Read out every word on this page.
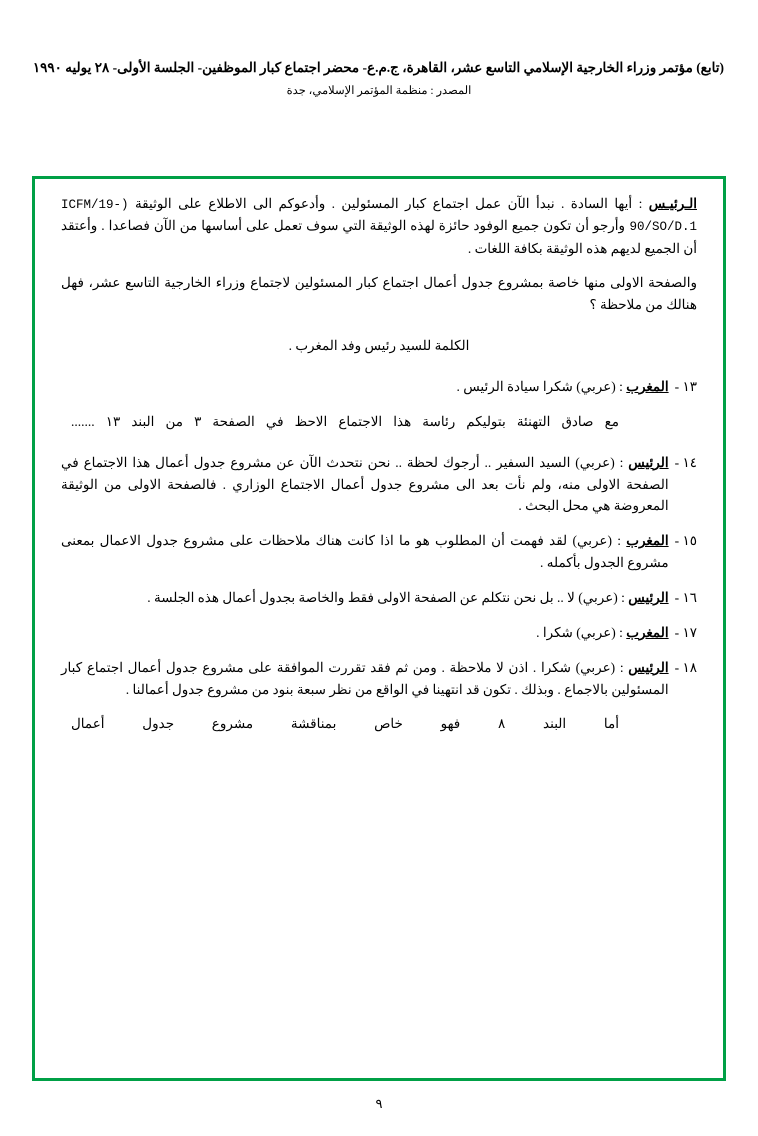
(تابع) مؤتمر وزراء الخارجية الإسلامي التاسع عشر، القاهرة، ج.م.ع- محضر اجتماع كبار الموظفين- الجلسة الأولى- ٢٨ يوليه ١٩٩٠
المصدر : منظمة المؤتمر الإسلامي، جدة

الـرئيـس : أيها السادة . نبدأ الآن عمل اجتماع كبار المسئولين . وأدعوكم الى الاطلاع على الوثيقة (ICFM/19-90/SO/D.1 وأرجو أن تكون جميع الوفود حائزة لهذه الوثيقة التي سوف تعمل على أساسها من الآن فصاعدا . وأعتقد أن الجميع لديهم هذه الوثيقة بكافة اللغات .

والصفحة الاولى منها خاصة بمشروع جدول أعمال اجتماع كبار المسئولين لاجتماع وزراء الخارجية التاسع عشر، فهل هنالك من ملاحظة ؟

الكلمة للسيد رئيس وفد المغرب .

١٣ -
المغرب : (عربي) شكرا سيادة الرئيس .

مع صادق التهنئة بتوليكم رئاسة هذا الاجتماع الاحظ في الصفحة ٣ من البند ١٣ .......

١٤ -
الرئيس : (عربي) السيد السفير .. أرجوك لحظة .. نحن نتحدث الآن عن مشروع جدول أعمال هذا الاجتماع في الصفحة الاولى منه، ولم نأت بعد الى مشروع جدول أعمال الاجتماع الوزاري . فالصفحة الاولى من الوثيقة المعروضة هي محل البحث .
١٥ -
المغرب : (عربي) لقد فهمت أن المطلوب هو ما اذا كانت هناك ملاحظات على مشروع جدول الاعمال بمعنى مشروع الجدول بأكمله .
١٦ -
الرئيس : (عربي) لا .. بل نحن نتكلم عن الصفحة الاولى فقط والخاصة بجدول أعمال هذه الجلسة .
١٧ -
المغرب : (عربي) شكرا .
١٨ -
الرئيس : (عربي) شكرا . اذن لا ملاحظة . ومن ثم فقد تقررت الموافقة على مشروع جدول أعمال اجتماع كبار المسئولين بالاجماع . وبذلك . تكون قد انتهينا في الواقع من نظر سبعة بنود من مشروع جدول أعمالنا .

أما البند ٨ فهو خاص بمناقشة مشروع جدول أعمال

٩
